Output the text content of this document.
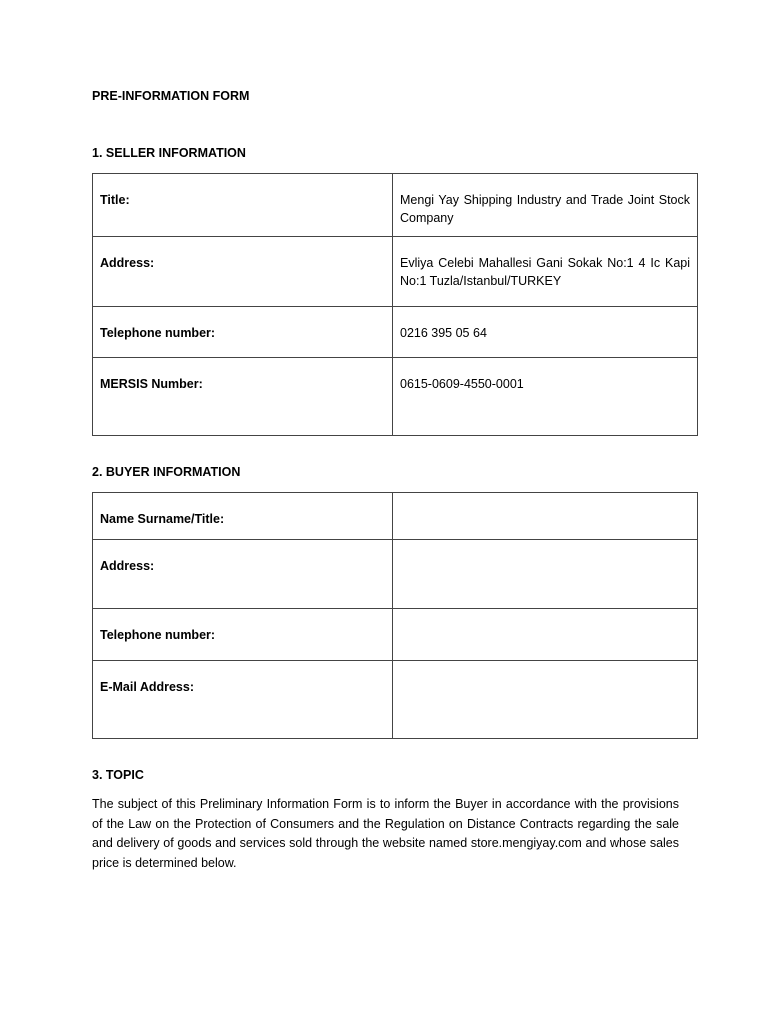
PRE-INFORMATION FORM
1. SELLER INFORMATION
Title:	Mengi Yay Shipping Industry and Trade Joint Stock Company

Address:	Evliya Celebi Mahallesi Gani Sokak No:1 4 Ic Kapi No:1 Tuzla/Istanbul/TURKEY

Telephone number:	0216 395 05 64

MERSIS Number:	0615-0609-4550-0001
2. BUYER INFORMATION
Name Surname/Title:	

Address:	

Telephone number:	

E-Mail Address:	

3. TOPIC
The subject of this Preliminary Information Form is to inform the Buyer in accordance with the provisions of the Law on the Protection of Consumers and the Regulation on Distance Contracts regarding the sale and delivery of goods and services sold through the website named store.mengiyay.com and whose sales price is determined below.
